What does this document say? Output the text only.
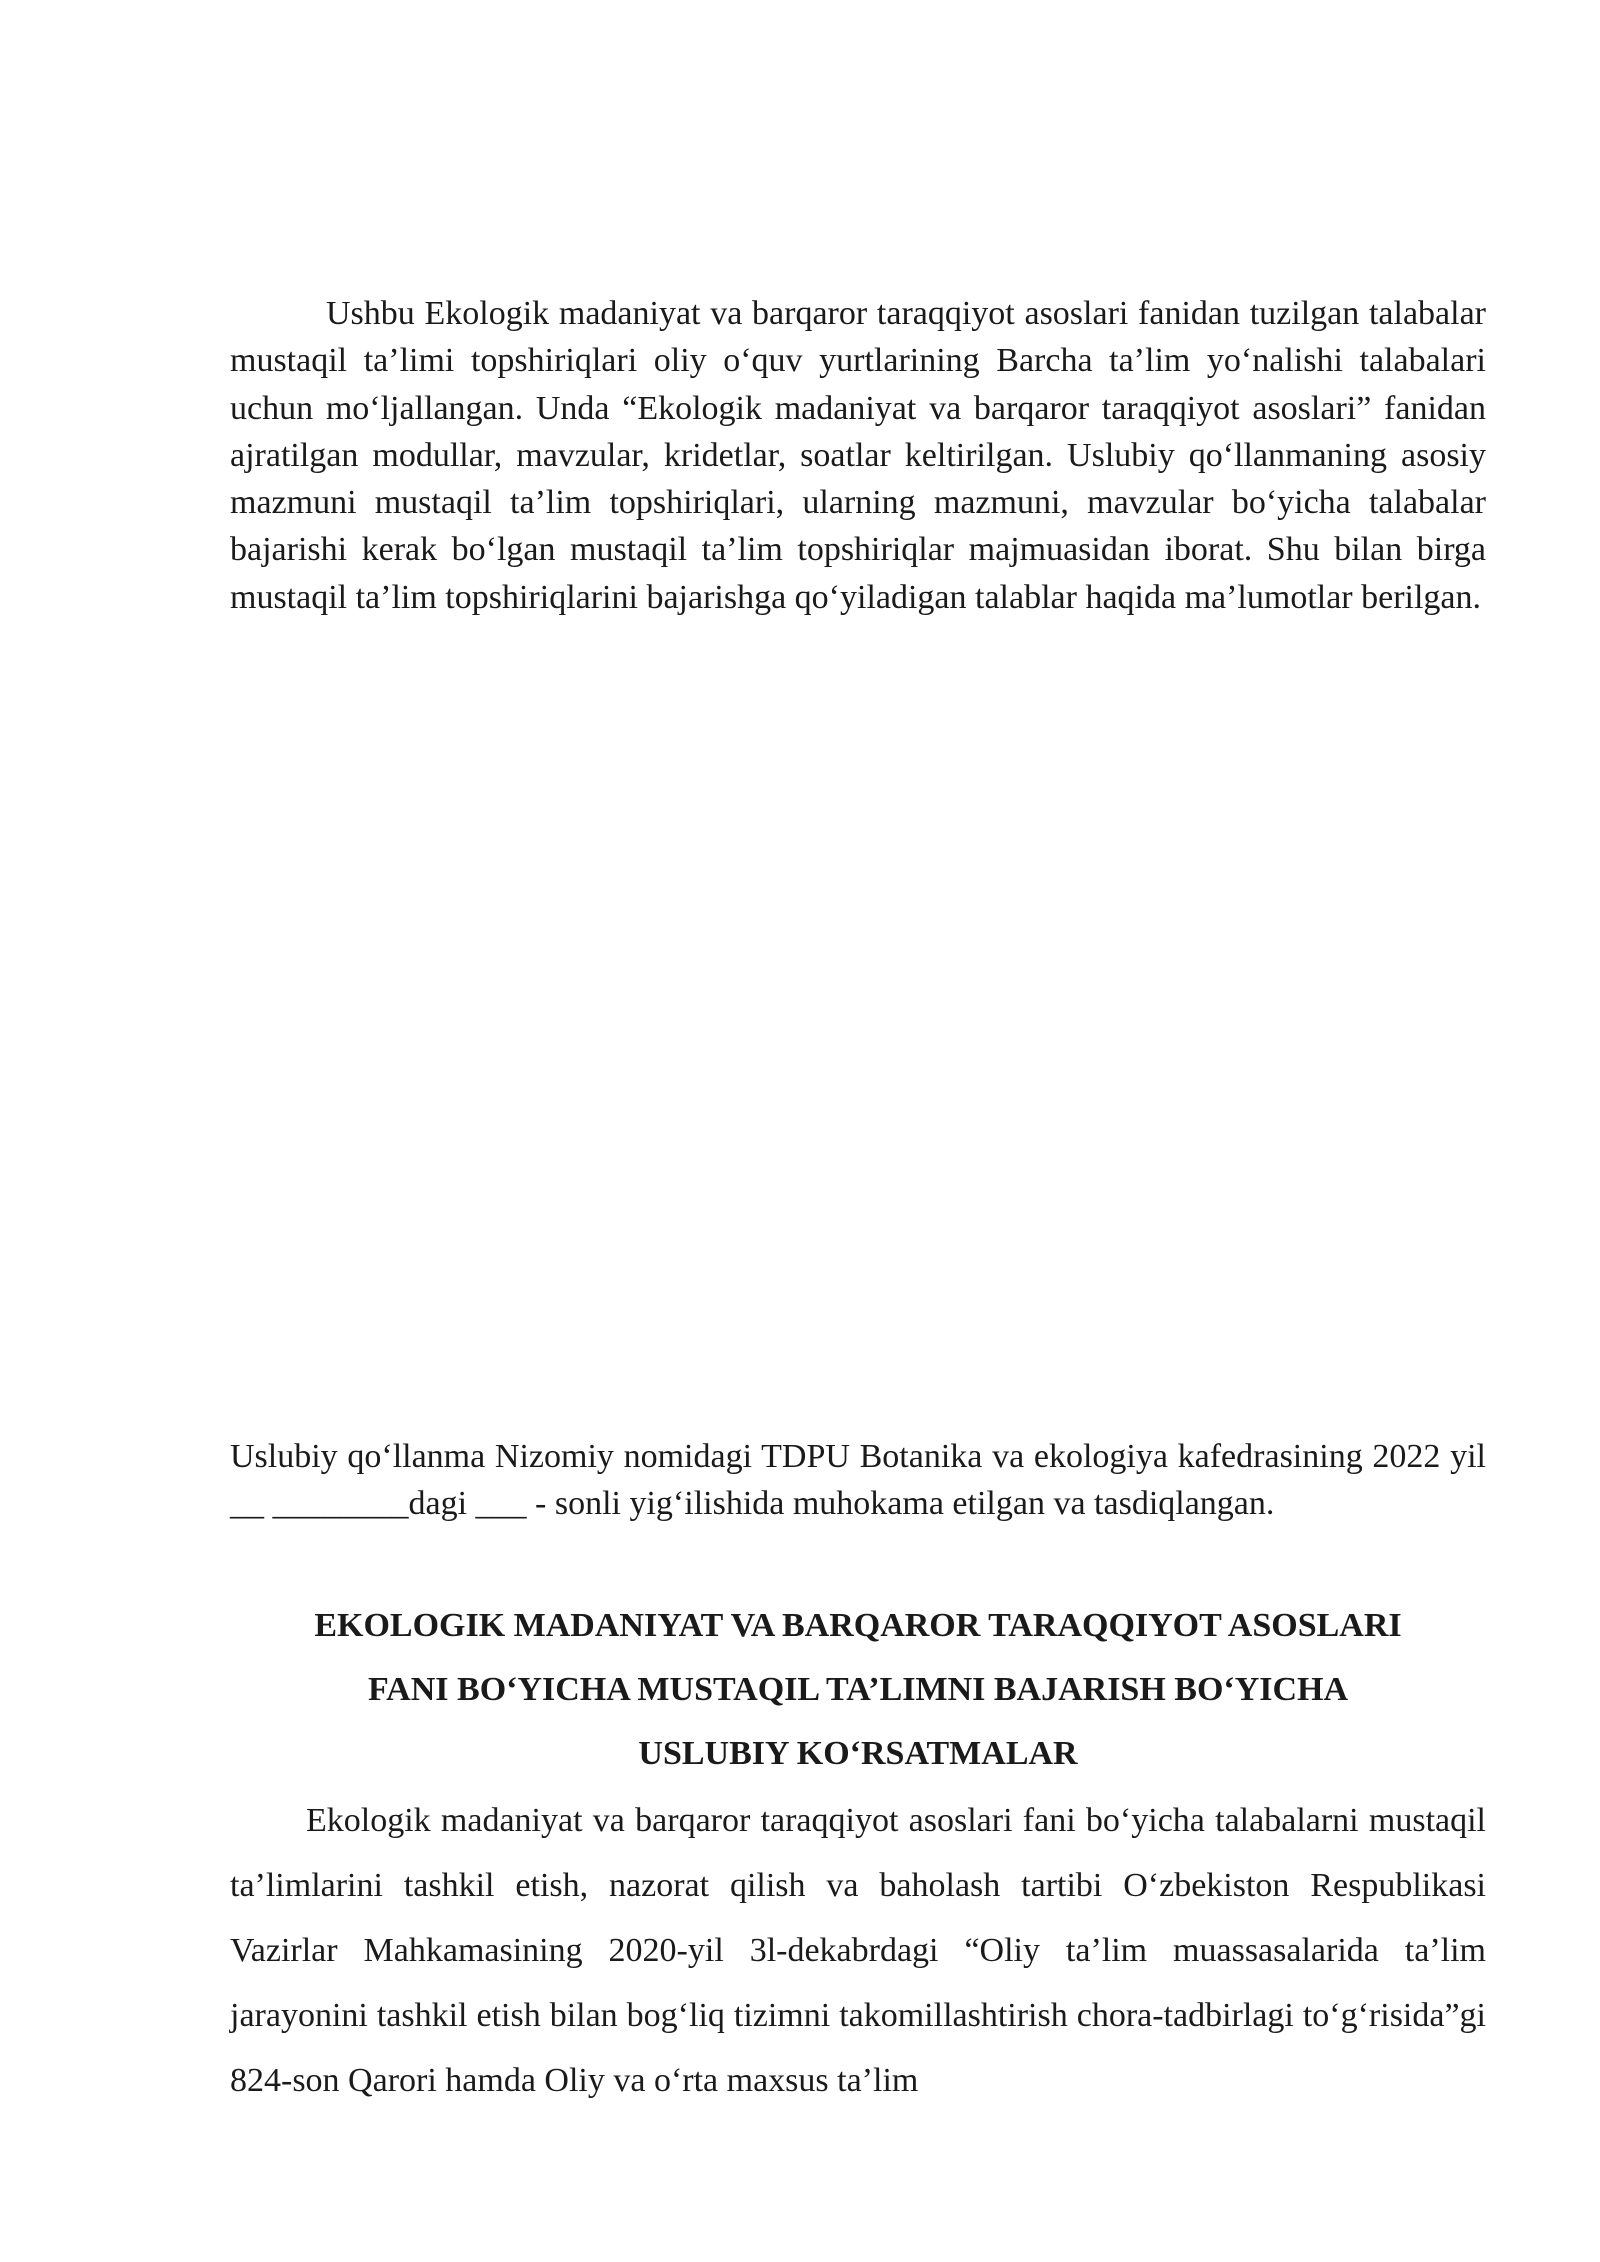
Ushbu Ekologik madaniyat va barqaror taraqqiyot asoslari fanidan tuzilgan talabalar mustaqil ta’limi topshiriqlari oliy o‘quv yurtlarining Barcha ta’lim yo‘nalishi talabalari uchun mo‘ljallangan. Unda “Ekologik madaniyat va barqaror taraqqiyot asoslari” fanidan ajratilgan modullar, mavzular, kridetlar, soatlar keltirilgan. Uslubiy qo‘llanmaning asosiy mazmuni mustaqil ta’lim topshiriqlari, ularning mazmuni, mavzular bo‘yicha talabalar bajarishi kerak bo‘lgan mustaqil ta’lim topshiriqlar majmuasidan iborat. Shu bilan birga mustaqil ta’lim topshiriqlarini bajarishga qo‘yiladigan talablar haqida ma’lumotlar berilgan.
Uslubiy qo‘llanma Nizomiy nomidagi TDPU Botanika va ekologiya kafedrasining 2022 yil __ ________dagi ___ - sonli yig‘ilishida muhokama etilgan va tasdiqlangan.
EKOLOGIK MADANIYAT VA BARQAROR TARAQQIYOT ASOSLARI
FANI BO‘YICHA MUSTAQIL TA’LIMNI BAJARISH BO‘YICHA
USLUBIY KO‘RSATMALAR
Ekologik madaniyat va barqaror taraqqiyot asoslari fani bo‘yicha talabalarni mustaqil ta’limlarini tashkil etish, nazorat qilish va baholash tartibi O‘zbekiston Respublikasi Vazirlar Mahkamasining 2020-yil 3l-dekabrdagi “Oliy ta’lim muassasalarida ta’lim jarayonini tashkil etish bilan bog‘liq tizimni takomillashtirish chora-tadbirlagi to‘g‘risida”gi 824-son Qarori hamda Oliy va o‘rta maxsus ta’lim
